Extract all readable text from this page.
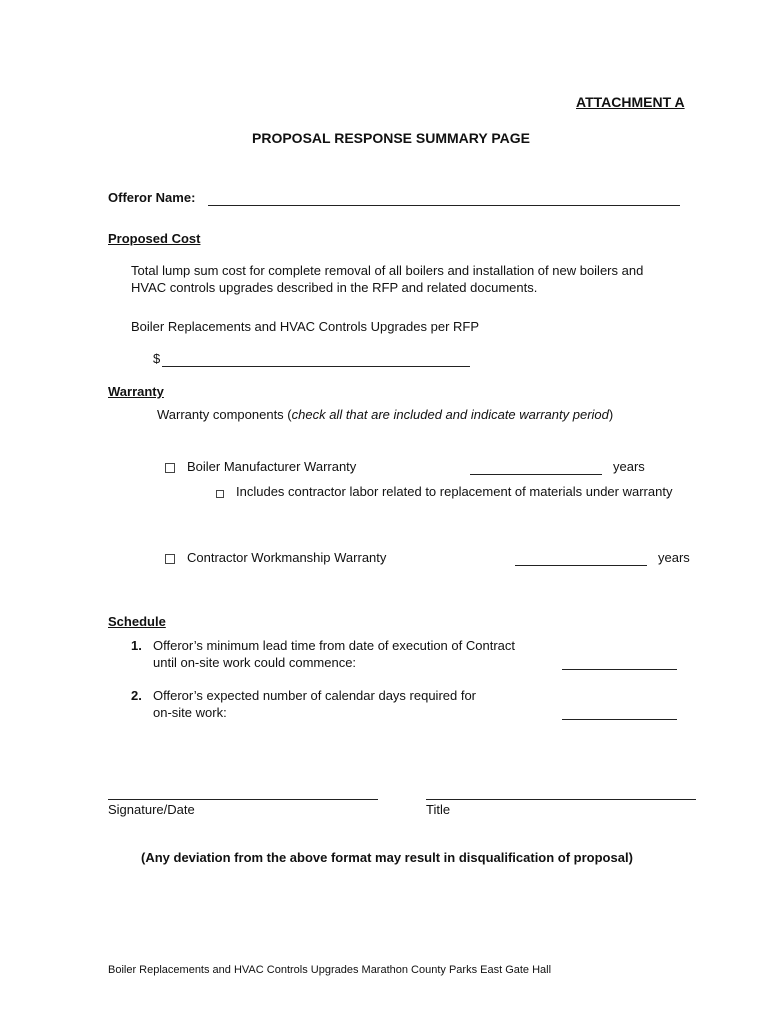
ATTACHMENT A
PROPOSAL RESPONSE SUMMARY PAGE
Offeror Name:
Proposed Cost
Total lump sum cost for complete removal of all boilers and installation of new boilers and
HVAC controls upgrades described in the RFP and related documents.
Boiler Replacements and HVAC Controls Upgrades per RFP
$
Warranty
Warranty components (check all that are included and indicate warranty period)
Boiler Manufacturer Warranty	years
Includes contractor labor related to replacement of materials under warranty
Contractor Workmanship Warranty	years
Schedule
1. Offeror’s minimum lead time from date of execution of Contract
until on-site work could commence:
2. Offeror’s expected number of calendar days required for
on-site work:
Signature/Date	Title
(Any deviation from the above format may result in disqualification of proposal)
Boiler Replacements and HVAC Controls Upgrades Marathon County Parks East Gate Hall
